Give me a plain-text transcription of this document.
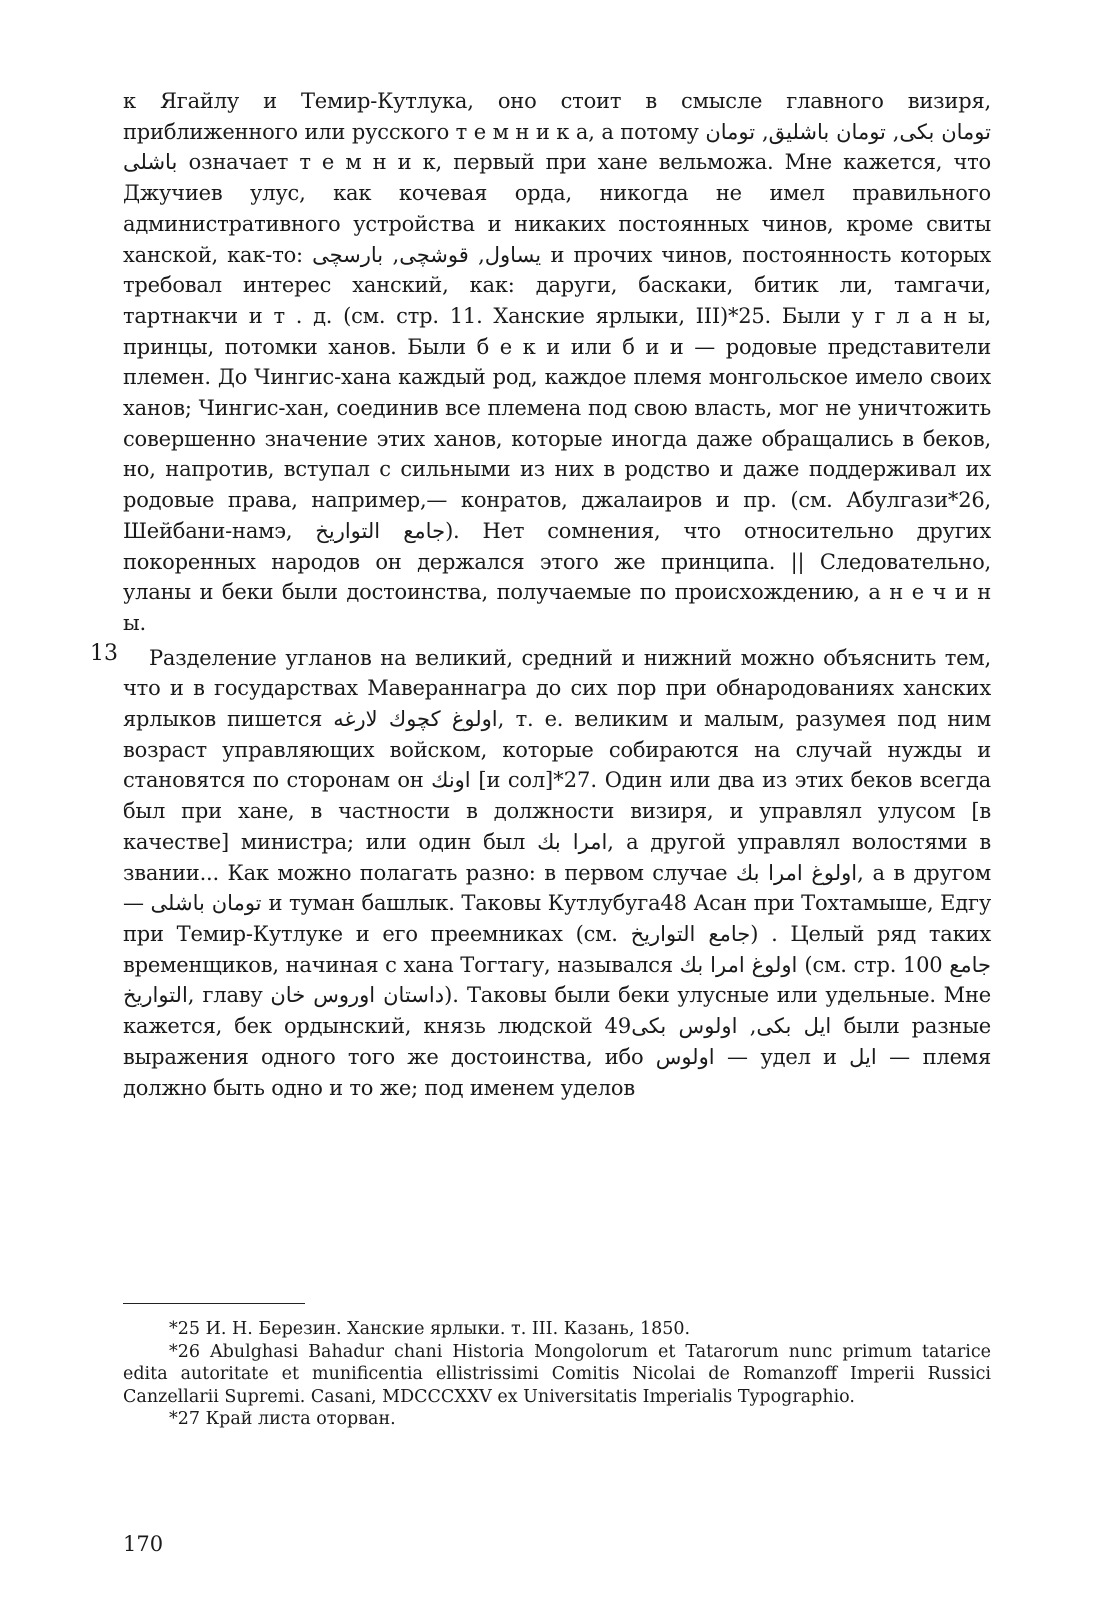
13

к Ягайлу и Темир-Кутлука, оно стоит в смысле главного визиря, приближенного или русского т е м н и к а, а потому تومان بکی, تومان باشلیق, تومان باشلی означает т е м н и к, первый при хане вельможа. Мне кажется, что Джучиев улус, как кочевая орда, никогда не имел правильного административного устройства и никаких постоянных чинов, кроме свиты ханской, как-то: یساول, قوشچی, بارسچی и прочих чинов, постоянность которых требовал интерес ханский, как: даруги, баскаки, битик ли, тамгачи, тартнакчи и т . д. (см. стр. 11. Ханские ярлыки, III)*25. Были у г л а н ы, принцы, потомки ханов. Были б е к и или б и и — родовые представители племен. До Чингис-хана каждый род, каждое племя монгольское имело своих ханов; Чингис-хан, соединив все племена под свою власть, мог не уничтожить совершенно значение этих ханов, которые иногда даже обращались в беков, но, напротив, вступал с сильными из них в родство и даже поддерживал их родовые права, например,— конратов, джалаиров и пр. (см. Абулгази*26, Шейбани-намэ, جامع التواریخ). Нет сомнения, что относительно других покоренных народов он держался этого же принципа. || Следовательно, уланы и беки были достоинства, получаемые по происхождению, а н е ч и н ы.

Разделение угланов на великий, средний и нижний можно объяснить тем, что и в государствах Мавераннагра до сих пор при обнародованиях ханских ярлыков пишется اولوغ کچوك لارغه, т. е. великим и малым, разумея под ним возраст управляющих войском, которые собираются на случай нужды и становятся по сторонам он اونك [и сол]*27. Один или два из этих беков всегда был при хане, в частности в должности визиря, и управлял улусом [в качестве] министра; или один был امرا بك, а другой управлял волостями в звании... Как можно полагать разно: в первом случае اولوغ امرا بك, а в другом — تومان باشلی и туман башлык. Таковы Кутлубуга48 Асан при Тохтамыше, Едгу при Темир-Кутлуке и его преемниках (см. جامع التواریخ) . Целый ряд таких временщиков, начиная с хана Тогтагу, назывался اولوغ امرا بك (см. стр. 100 جامع التواریخ, главу داستان اوروس خان). Таковы были беки улусные или удельные. Мне кажется, бек ордынский, князь людской ایل بکی, اولوس بکی49 были разные выражения одного того же достоинства, ибо اولوس — удел и ایل — племя должно быть одно и то же; под именем уделов

*25 И. Н. Березин. Ханские ярлыки. т. III. Казань, 1850.

*26 Abulghasi Bahadur chani Historia Mongolorum et Tatarorum nunc primum tatarice edita autoritate et munificentia ellistrissimi Comitis Nicolai de Romanzoff Imperii Russici Canzellarii Supremi. Casani, MDCCCXXV ex Universitatis Imperialis Typographio.

*27 Край листа оторван.

170
